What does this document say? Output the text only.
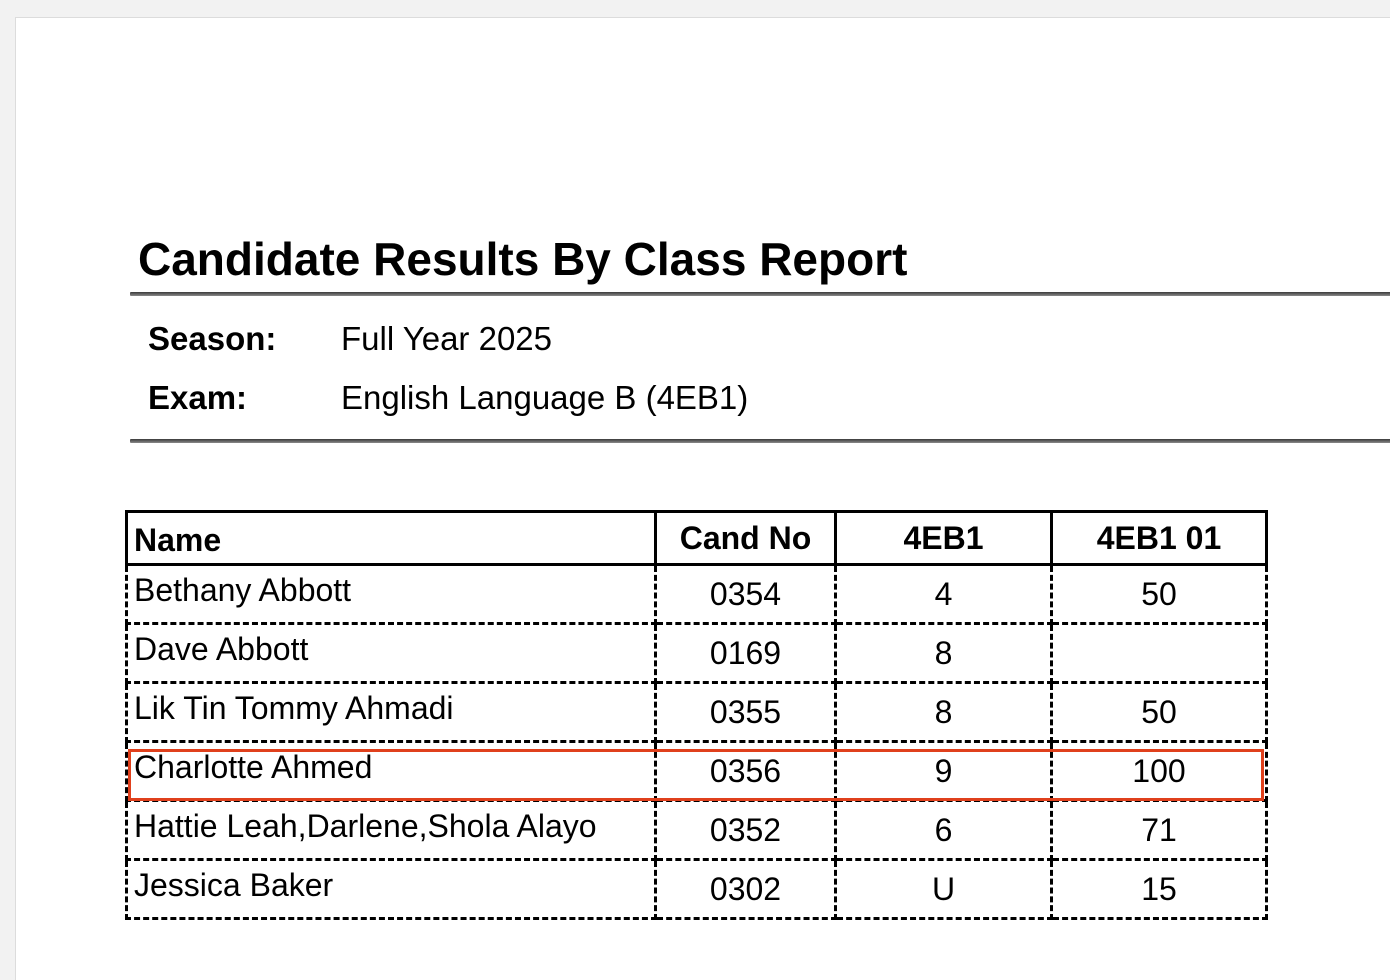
Candidate Results By Class Report
Season: Full Year 2025
Exam:	English Language B (4EB1)
Name	Cand No	4EB1	4EB1 01
Bethany Abbott	0354	4	50
Dave Abbott	0169	8	
Lik Tin Tommy Ahmadi	0355	8	50
Charlotte Ahmed	0356	9	100
Hattie Leah,Darlene,Shola Alayo	0352	6	71
Jessica Baker	0302	U	15
